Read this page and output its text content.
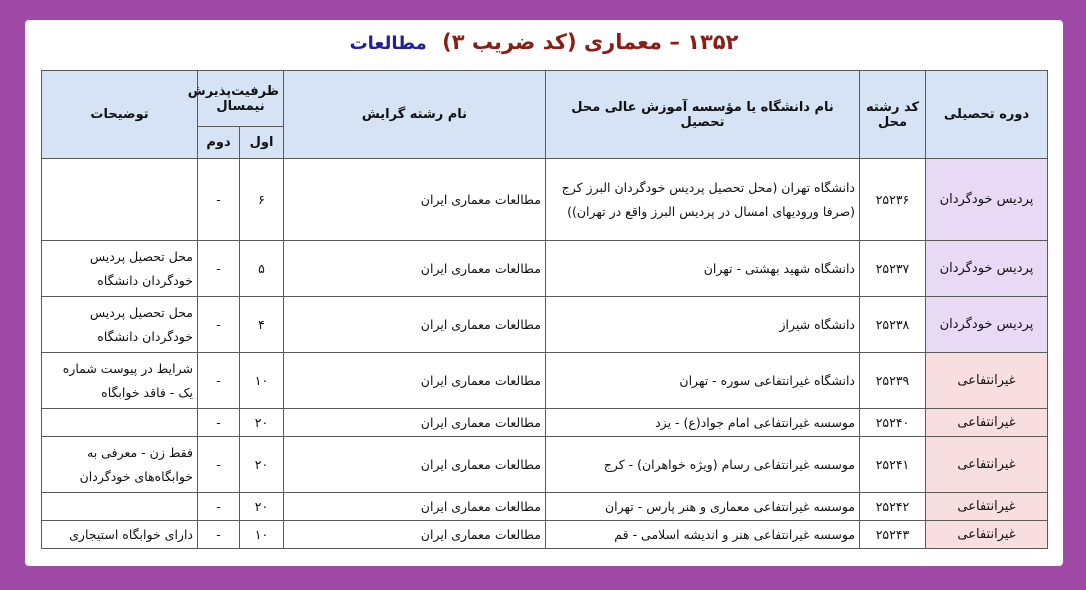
۱۳۵۲ – معماری (کد ضریب ۳) مطالعات
دوره تحصیلی	کد رشته محل	نام دانشگاه یا مؤسسه آموزش عالی محل تحصیل	نام رشته گرایش	ظرفیت‌پذیرش نیمسال		توضیحات
				اول	دوم	
پردیس خودگردان	۲۵۲۳۶	دانشگاه تهران (محل تحصیل پردیس خودگردان البرز کرج (صرفا ورودیهای امسال در پردیس البرز واقع در تهران))	مطالعات معماری ایران	۶	-	
پردیس خودگردان	۲۵۲۳۷	دانشگاه شهید بهشتی - تهران	مطالعات معماری ایران	۵	-	محل تحصیل پردیس خودگردان دانشگاه
پردیس خودگردان	۲۵۲۳۸	دانشگاه شیراز	مطالعات معماری ایران	۴	-	محل تحصیل پردیس خودگردان دانشگاه
غیرانتفاعی	۲۵۲۳۹	دانشگاه غیرانتفاعی سوره - تهران	مطالعات معماری ایران	۱۰	-	شرایط در پیوست شماره یک - فاقد خوابگاه
غیرانتفاعی	۲۵۲۴۰	موسسه غیرانتفاعی امام جواد(ع) - یزد	مطالعات معماری ایران	۲۰	-	
غیرانتفاعی	۲۵۲۴۱	موسسه غیرانتفاعی رسام (ویژه خواهران) - کرج	مطالعات معماری ایران	۲۰	-	فقط زن - معرفی به خوابگاه‌های خودگردان
غیرانتفاعی	۲۵۲۴۲	موسسه غیرانتفاعی معماری و هنر پارس - تهران	مطالعات معماری ایران	۲۰	-	
غیرانتفاعی	۲۵۲۴۳	موسسه غیرانتفاعی هنر و اندیشه اسلامی - قم	مطالعات معماری ایران	۱۰	-	دارای خوابگاه استیجاری
